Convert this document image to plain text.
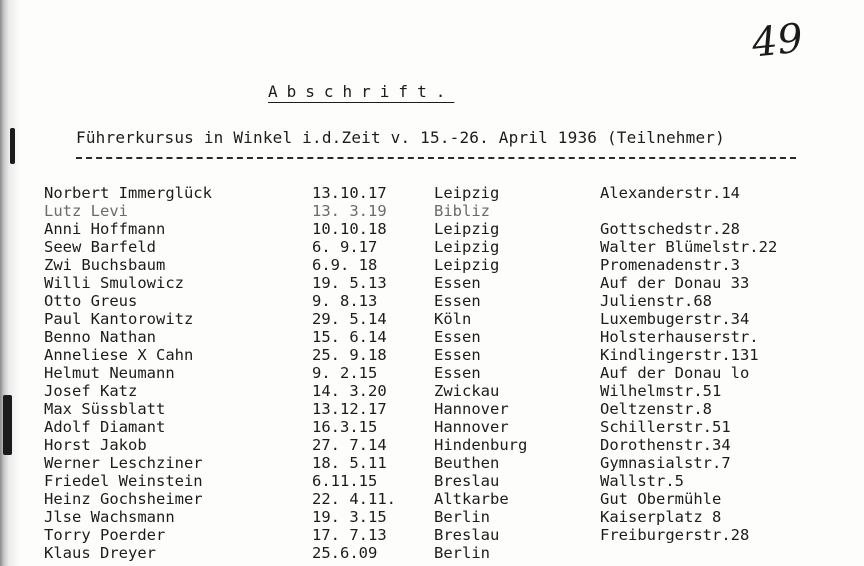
49
Abschrift.
Führerkursus in Winkel i.d.Zeit v. 15.-26. April 1936 (Teilnehmer)
Norbert Immerglück	13.10.17	Leipzig	Alexanderstr.14
Lutz Levi	13. 3.19	Bibliz
Anni Hoffmann	10.10.18	Leipzig	Gottschedstr.28
Seew Barfeld	6. 9.17	Leipzig	Walter Blümelstr.22
Zwi Buchsbaum	6.9. 18	Leipzig	Promenadenstr.3
Willi Smulowicz	19. 5.13	Essen	Auf der Donau 33
Otto Greus	9. 8.13	Essen	Julienstr.68
Paul Kantorowitz	29. 5.14	Köln	Luxembugerstr.34
Benno Nathan	15. 6.14	Essen	Holsterhauserstr.
Anneliese X Cahn	25. 9.18	Essen	Kindlingerstr.131
Helmut Neumann	9. 2.15	Essen	Auf der Donau lo
Josef Katz	14. 3.20	Zwickau	Wilhelmstr.51
Max Süssblatt	13.12.17	Hannover	Oeltzenstr.8
Adolf Diamant	16.3.15	Hannover	Schillerstr.51
Horst Jakob	27. 7.14	Hindenburg	Dorothenstr.34
Werner Leschziner	18. 5.11	Beuthen	Gymnasialstr.7
Friedel Weinstein	6.11.15	Breslau	Wallstr.5
Heinz Gochsheimer	22. 4.11. Altkarbe	Gut Obermühle
Jlse Wachsmann	19. 3.15	Berlin	Kaiserplatz 8
Torry Poerder	17. 7.13	Breslau	Freiburgerstr.28
Klaus Dreyer	25.6.09	Berlin
